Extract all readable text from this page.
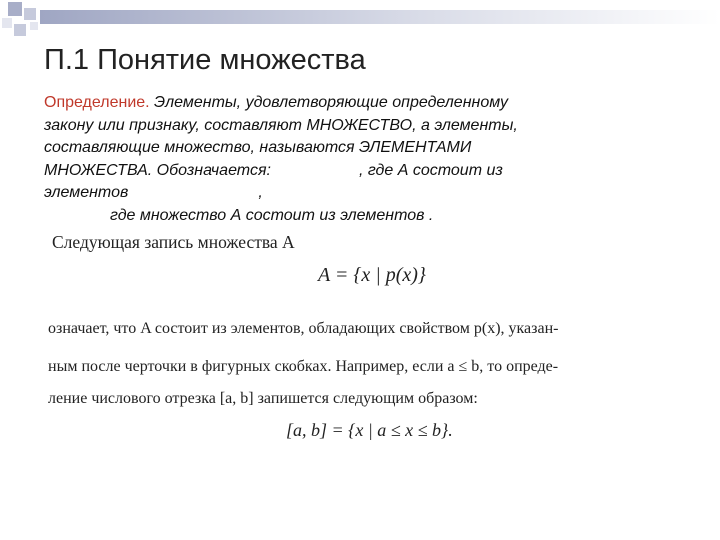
П.1 Понятие множества
Определение. Элементы, удовлетворяющие определенному
закону или признаку, составляют МНОЖЕСТВО, а элементы,
составляющие множество, называются ЭЛЕМЕНТАМИ
МНОЖЕСТВА. Обозначается:	, где А состоит из
элементов	,
где множество А состоит из элементов .
Следующая запись множества A
A = {x | p(x)}
означает, что A состоит из элементов, обладающих свойством p(x), указан-
ным после черточки в фигурных скобках. Например, если a ≤ b, то опреде-
ление числового отрезка [a, b] запишется следующим образом:
[a, b] = {x | a ≤ x ≤ b}.
